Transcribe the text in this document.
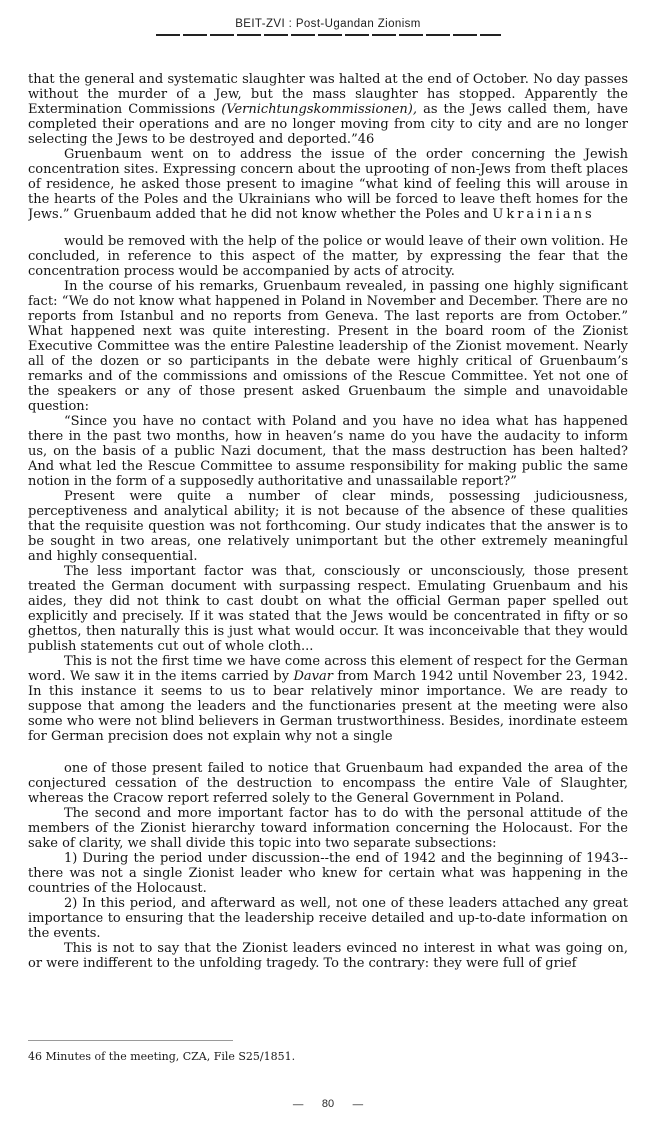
BEIT-ZVI : Post-Ugandan Zionism

that the general and systematic slaughter was halted at the end of October. No day passes without the murder of a Jew, but the mass slaughter has stopped. Apparently the Extermination Commissions (Vernichtungskommissionen), as the Jews called them, have completed their operations and are no longer moving from city to city and are no longer selecting the Jews to be destroyed and deported.”46

Gruenbaum went on to address the issue of the order concerning the Jewish concentration sites. Expressing concern about the uprooting of non-Jews from theft places of residence, he asked those present to imagine “what kind of feeling this will arouse in the hearts of the Poles and the Ukrainians who will be forced to leave theft homes for the Jews.” Gruenbaum added that he did not know whether the Poles and Ukrainians

would be removed with the help of the police or would leave of their own volition. He concluded, in reference to this aspect of the matter, by expressing the fear that the concentration process would be accompanied by acts of atrocity.

In the course of his remarks, Gruenbaum revealed, in passing one highly significant fact: “We do not know what happened in Poland in November and December. There are no reports from Istanbul and no reports from Geneva. The last reports are from October.” What happened next was quite interesting. Present in the board room of the Zionist Executive Committee was the entire Palestine leadership of the Zionist movement. Nearly all of the dozen or so participants in the debate were highly critical of Gruenbaum’s remarks and of the commissions and omissions of the Rescue Committee. Yet not one of the speakers or any of those present asked Gruenbaum the simple and unavoidable question:

“Since you have no contact with Poland and you have no idea what has happened there in the past two months, how in heaven’s name do you have the audacity to inform us, on the basis of a public Nazi document, that the mass destruction has been halted? And what led the Rescue Committee to assume responsibility for making public the same notion in the form of a supposedly authoritative and unassailable report?”

Present were quite a number of clear minds, possessing judiciousness, perceptiveness and analytical ability; it is not because of the absence of these qualities that the requisite question was not forthcoming. Our study indicates that the answer is to be sought in two areas, one relatively unimportant but the other extremely meaningful and highly consequential.

The less important factor was that, consciously or unconsciously, those present treated the German document with surpassing respect. Emulating Gruenbaum and his aides, they did not think to cast doubt on what the official German paper spelled out explicitly and precisely. If it was stated that the Jews would be concentrated in fifty or so ghettos, then naturally this is just what would occur. It was inconceivable that they would publish statements cut out of whole cloth...

This is not the first time we have come across this element of respect for the German word. We saw it in the items carried by Davar from March 1942 until November 23, 1942. In this instance it seems to us to bear relatively minor importance. We are ready to suppose that among the leaders and the functionaries present at the meeting were also some who were not blind believers in German trustworthiness. Besides, inordinate esteem for German precision does not explain why not a single

one of those present failed to notice that Gruenbaum had expanded the area of the conjectured cessation of the destruction to encompass the entire Vale of Slaughter, whereas the Cracow report referred solely to the General Government in Poland.

The second and more important factor has to do with the personal attitude of the members of the Zionist hierarchy toward information concerning the Holocaust. For the sake of clarity, we shall divide this topic into two separate subsections:

1) During the period under discussion--the end of 1942 and the beginning of 1943--there was not a single Zionist leader who knew for certain what was happening in the countries of the Holocaust.

2) In this period, and afterward as well, not one of these leaders attached any great importance to ensuring that the leadership receive detailed and up-to-date information on the events.

This is not to say that the Zionist leaders evinced no interest in what was going on, or were indifferent to the unfolding tragedy. To the contrary: they were full of grief

46 Minutes of the meeting, CZA, File S25/1851.
— 80 —
